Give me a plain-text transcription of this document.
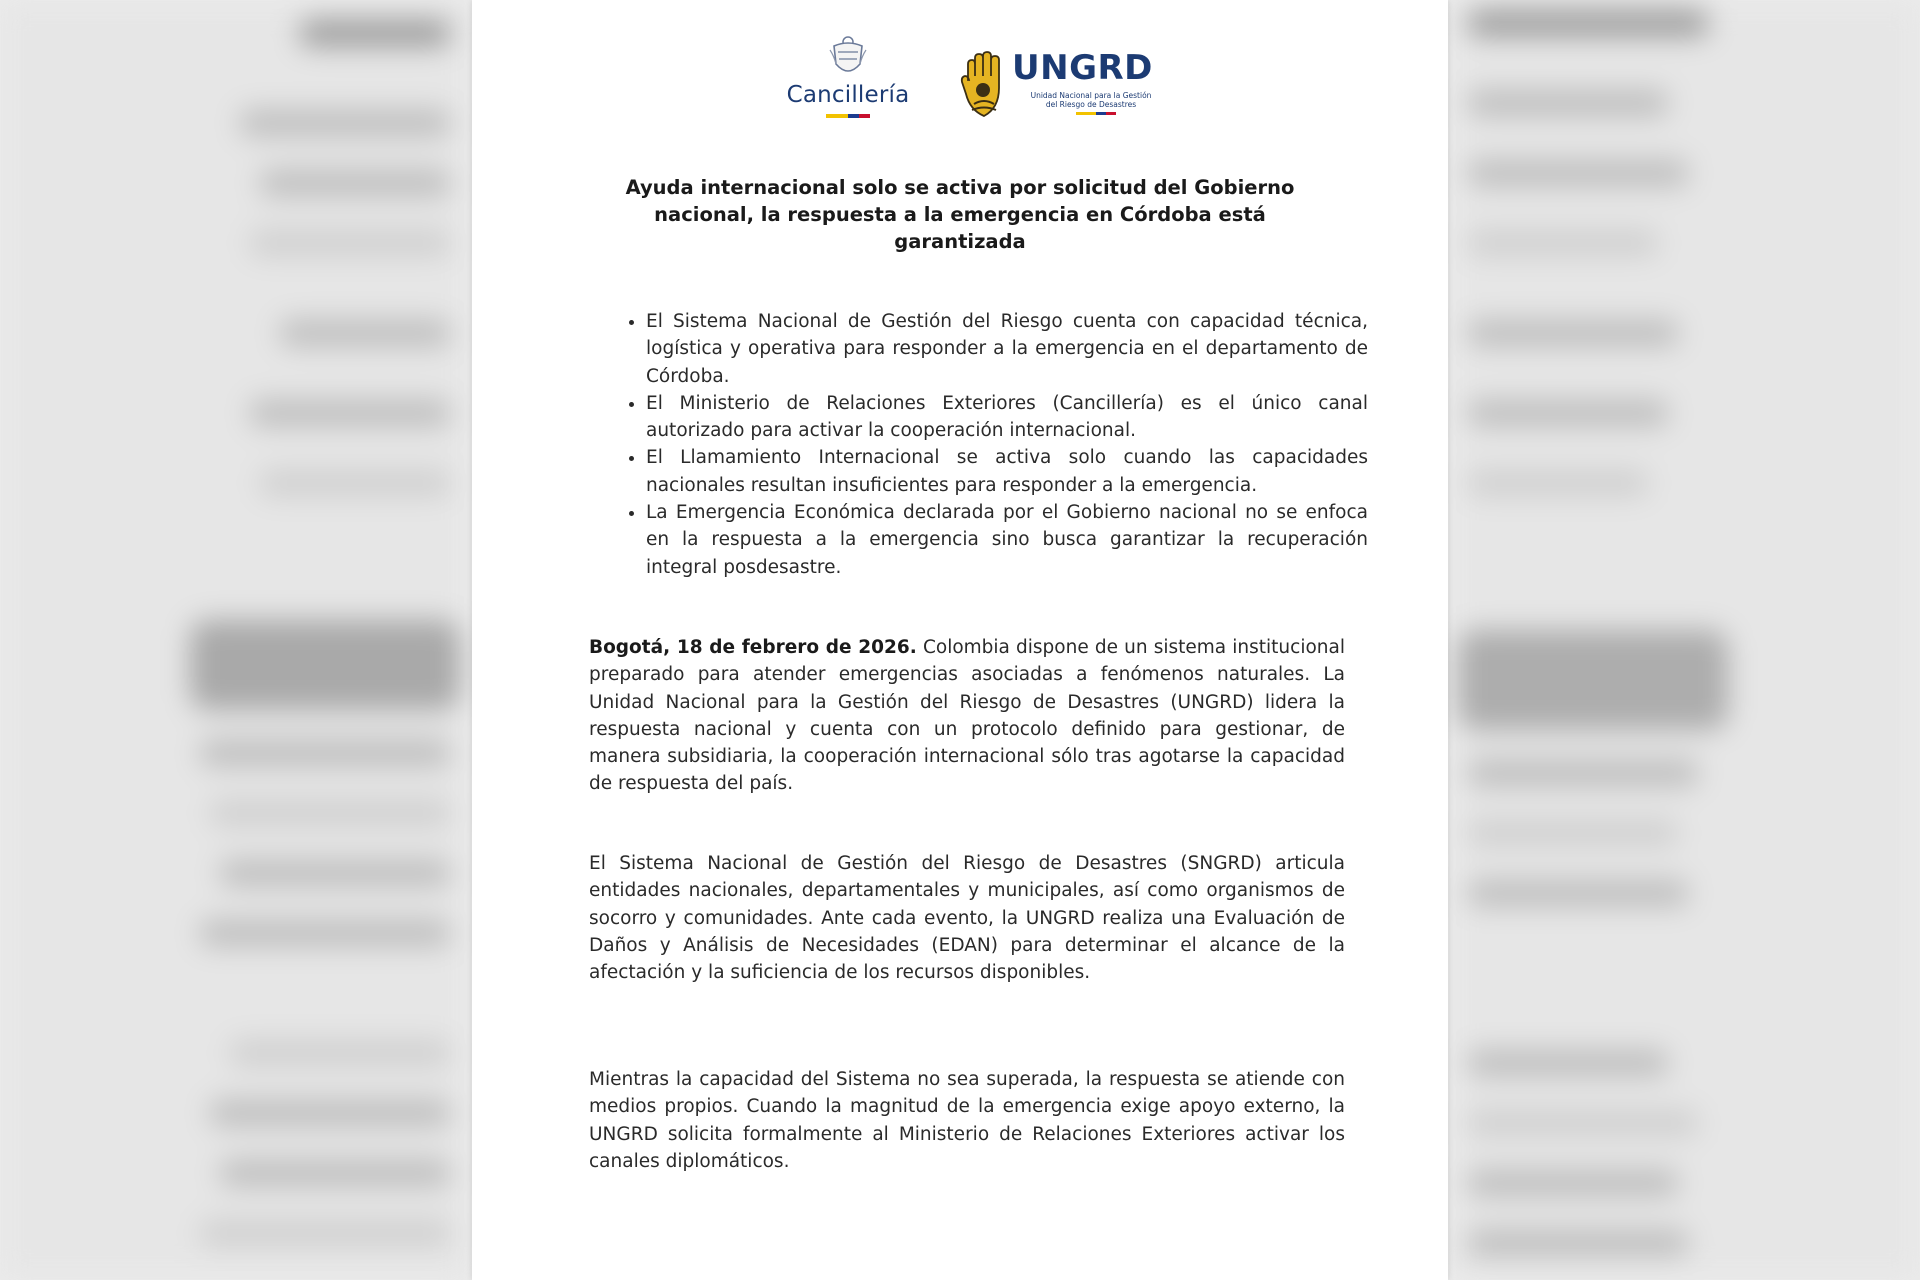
Cancillería
UNGRD
Unidad Nacional para la Gestión
del Riesgo de Desastres
Ayuda internacional solo se activa por solicitud del Gobierno nacional, la respuesta a la emergencia en Córdoba está garantizada
• El Sistema Nacional de Gestión del Riesgo cuenta con capacidad técnica, logística y operativa para responder a la emergencia en el departamento de Córdoba.
• El Ministerio de Relaciones Exteriores (Cancillería) es el único canal autorizado para activar la cooperación internacional.
• El Llamamiento Internacional se activa solo cuando las capacidades nacionales resultan insuficientes para responder a la emergencia.
• La Emergencia Económica declarada por el Gobierno nacional no se enfoca en la respuesta a la emergencia sino busca garantizar la recuperación integral posdesastre.

Bogotá, 18 de febrero de 2026. Colombia dispone de un sistema institucional preparado para atender emergencias asociadas a fenómenos naturales. La Unidad Nacional para la Gestión del Riesgo de Desastres (UNGRD) lidera la respuesta nacional y cuenta con un protocolo definido para gestionar, de manera subsidiaria, la cooperación internacional sólo tras agotarse la capacidad de respuesta del país.

El Sistema Nacional de Gestión del Riesgo de Desastres (SNGRD) articula entidades nacionales, departamentales y municipales, así como organismos de socorro y comunidades. Ante cada evento, la UNGRD realiza una Evaluación de Daños y Análisis de Necesidades (EDAN) para determinar el alcance de la afectación y la suficiencia de los recursos disponibles.

Mientras la capacidad del Sistema no sea superada, la respuesta se atiende con medios propios. Cuando la magnitud de la emergencia exige apoyo externo, la UNGRD solicita formalmente al Ministerio de Relaciones Exteriores activar los canales diplomáticos.
